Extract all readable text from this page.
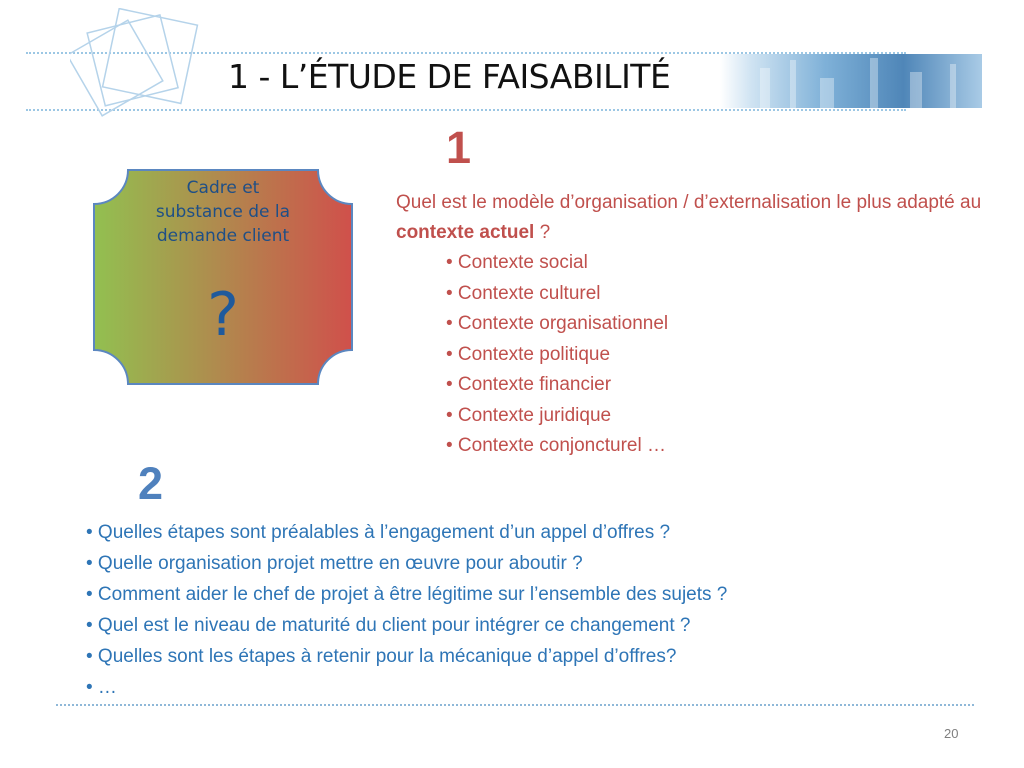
1 - L’ÉTUDE DE FAISABILITÉ
Cadre et
substance de la
demande client
?
1
Quel est le modèle d’organisation / d’externalisation le plus adapté au contexte actuel ?
• Contexte social
• Contexte culturel
• Contexte organisationnel
• Contexte politique
• Contexte financier
• Contexte juridique
• Contexte conjoncturel …
2
• Quelles étapes sont préalables à l’engagement d’un appel d’offres ?
• Quelle organisation projet mettre en œuvre pour aboutir ?
• Comment aider le chef de projet à être légitime sur l’ensemble des sujets ?
• Quel est le niveau de maturité du client pour intégrer ce changement ?
• Quelles sont les étapes à retenir pour la mécanique d’appel d’offres?
• …
20
